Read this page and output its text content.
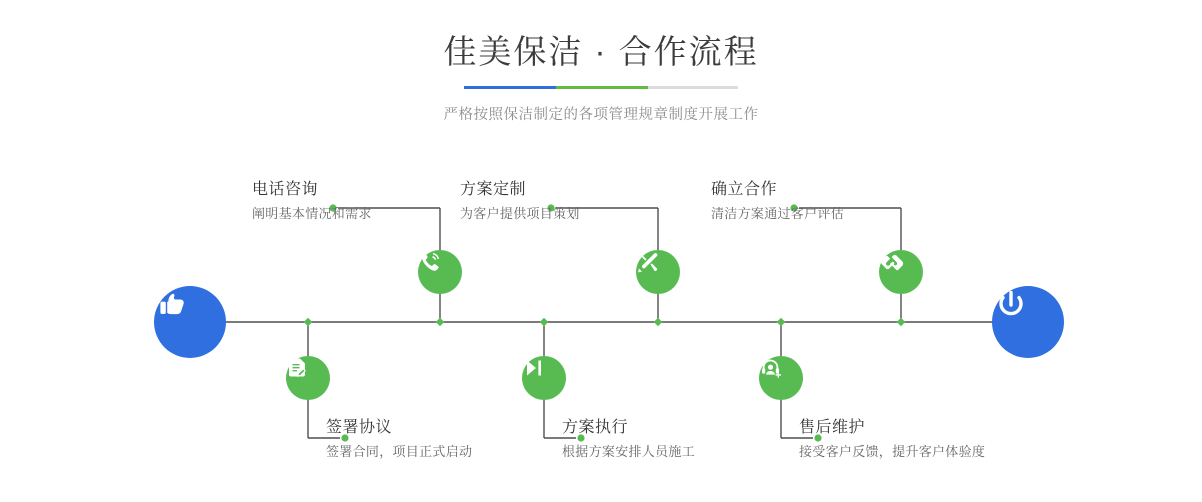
佳美保洁 · 合作流程

严格按照保洁制定的各项管理规章制度开展工作

电话咨询
阐明基本情况和需求
方案定制
为客户提供项目策划
确立合作
清洁方案通过客户评估
签署协议
签署合同，项目正式启动
方案执行
根据方案安排人员施工
售后维护
接受客户反馈，提升客户体验度
